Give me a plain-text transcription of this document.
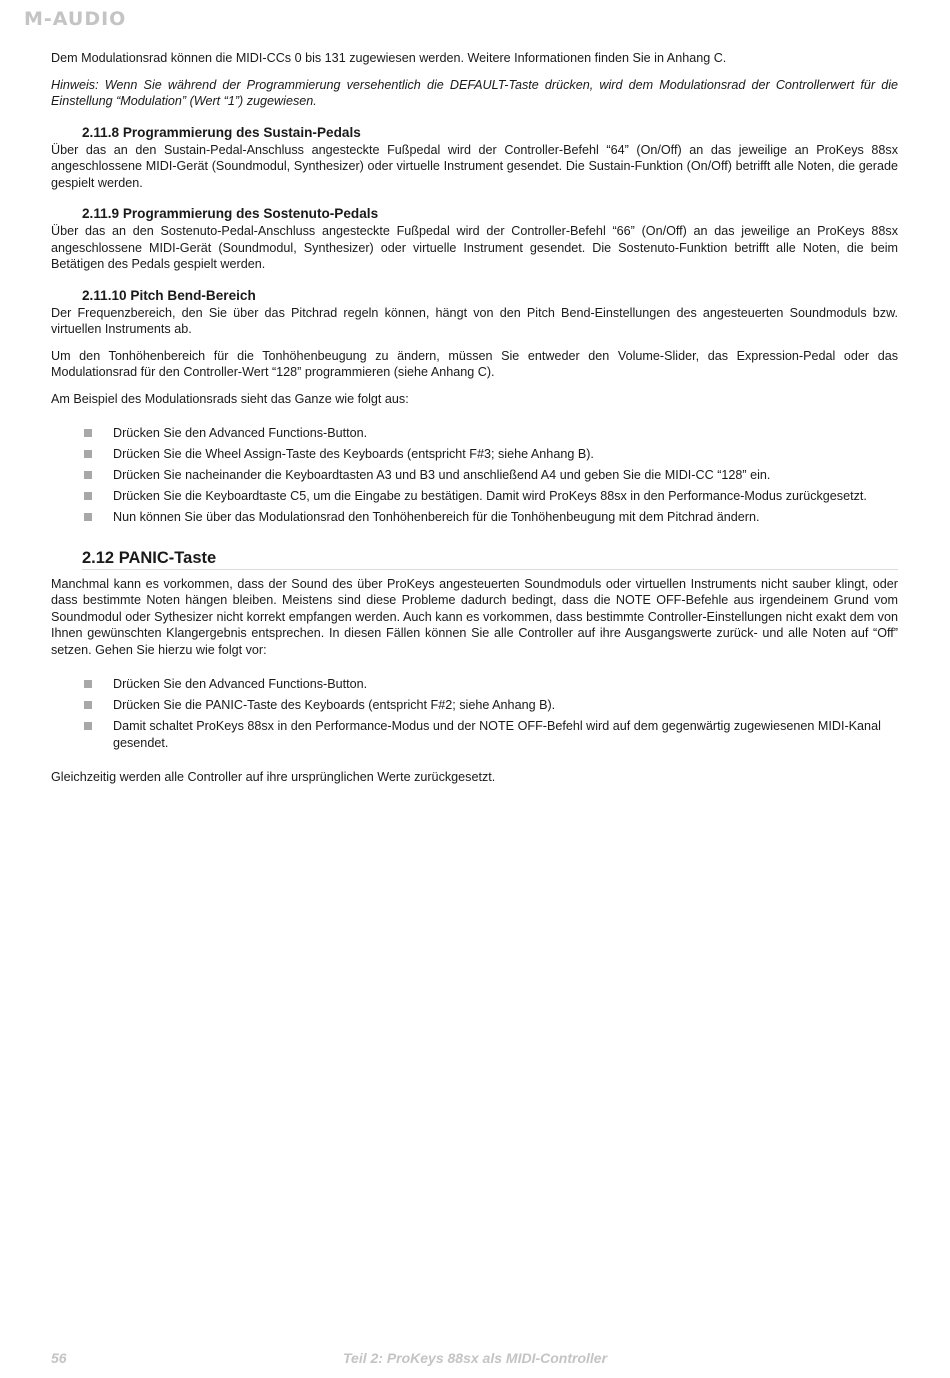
M-AUDIO

Dem Modulationsrad können die MIDI-CCs 0 bis 131 zugewiesen werden. Weitere Informationen finden Sie in Anhang C.

Hinweis: Wenn Sie während der Programmierung versehentlich die DEFAULT-Taste drücken, wird dem Modulationsrad der Controllerwert für die Einstellung “Modulation” (Wert “1”) zugewiesen.

2.11.8 Programmierung des Sustain-Pedals

Über das an den Sustain-Pedal-Anschluss angesteckte Fußpedal wird der Controller-Befehl “64” (On/Off) an das jeweilige an ProKeys 88sx angeschlossene MIDI-Gerät (Soundmodul, Synthesizer) oder virtuelle Instrument gesendet. Die Sustain-Funktion (On/Off) betrifft alle Noten, die gerade gespielt werden.

2.11.9 Programmierung des Sostenuto-Pedals

Über das an den Sostenuto-Pedal-Anschluss angesteckte Fußpedal wird der Controller-Befehl “66” (On/Off) an das jeweilige an ProKeys 88sx angeschlossene MIDI-Gerät (Soundmodul, Synthesizer) oder virtuelle Instrument gesendet. Die Sostenuto-Funktion betrifft alle Noten, die beim Betätigen des Pedals gespielt werden.

2.11.10 Pitch Bend-Bereich

Der Frequenzbereich, den Sie über das Pitchrad regeln können, hängt von den Pitch Bend-Einstellungen des angesteuerten Soundmoduls bzw. virtuellen Instruments ab.

Um den Tonhöhenbereich für die Tonhöhenbeugung zu ändern, müssen Sie entweder den Volume-Slider, das Expression-Pedal oder das Modulationsrad für den Controller-Wert “128” programmieren (siehe Anhang C).

Am Beispiel des Modulationsrads sieht das Ganze wie folgt aus:

Drücken Sie den Advanced Functions-Button.
Drücken Sie die Wheel Assign-Taste des Keyboards (entspricht F#3; siehe Anhang B).
Drücken Sie nacheinander die Keyboardtasten A3 und B3 und anschließend A4 und geben Sie die MIDI-CC “128” ein.
Drücken Sie die Keyboardtaste C5, um die Eingabe zu bestätigen. Damit wird ProKeys 88sx in den Performance-Modus zurückgesetzt.
Nun können Sie über das Modulationsrad den Tonhöhenbereich für die Tonhöhenbeugung mit dem Pitchrad ändern.
2.12 PANIC-Taste

Manchmal kann es vorkommen, dass der Sound des über ProKeys angesteuerten Soundmoduls oder virtuellen Instruments nicht sauber klingt, oder dass bestimmte Noten hängen bleiben. Meistens sind diese Probleme dadurch bedingt, dass die NOTE OFF-Befehle aus irgendeinem Grund vom Soundmodul oder Sythesizer nicht korrekt empfangen werden. Auch kann es vorkommen, dass bestimmte Controller-Einstellungen nicht exakt dem von Ihnen gewünschten Klangergebnis entsprechen. In diesen Fällen können Sie alle Controller auf ihre Ausgangswerte zurück- und alle Noten auf “Off” setzen. Gehen Sie hierzu wie folgt vor:

Drücken Sie den Advanced Functions-Button.
Drücken Sie die PANIC-Taste des Keyboards (entspricht F#2; siehe Anhang B).
Damit schaltet ProKeys 88sx in den Performance-Modus und der NOTE OFF-Befehl wird auf dem gegenwärtig zugewiesenen MIDI-Kanal gesendet.

Gleichzeitig werden alle Controller auf ihre ursprünglichen Werte zurückgesetzt.

56	Teil 2: ProKeys 88sx als MIDI-Controller
